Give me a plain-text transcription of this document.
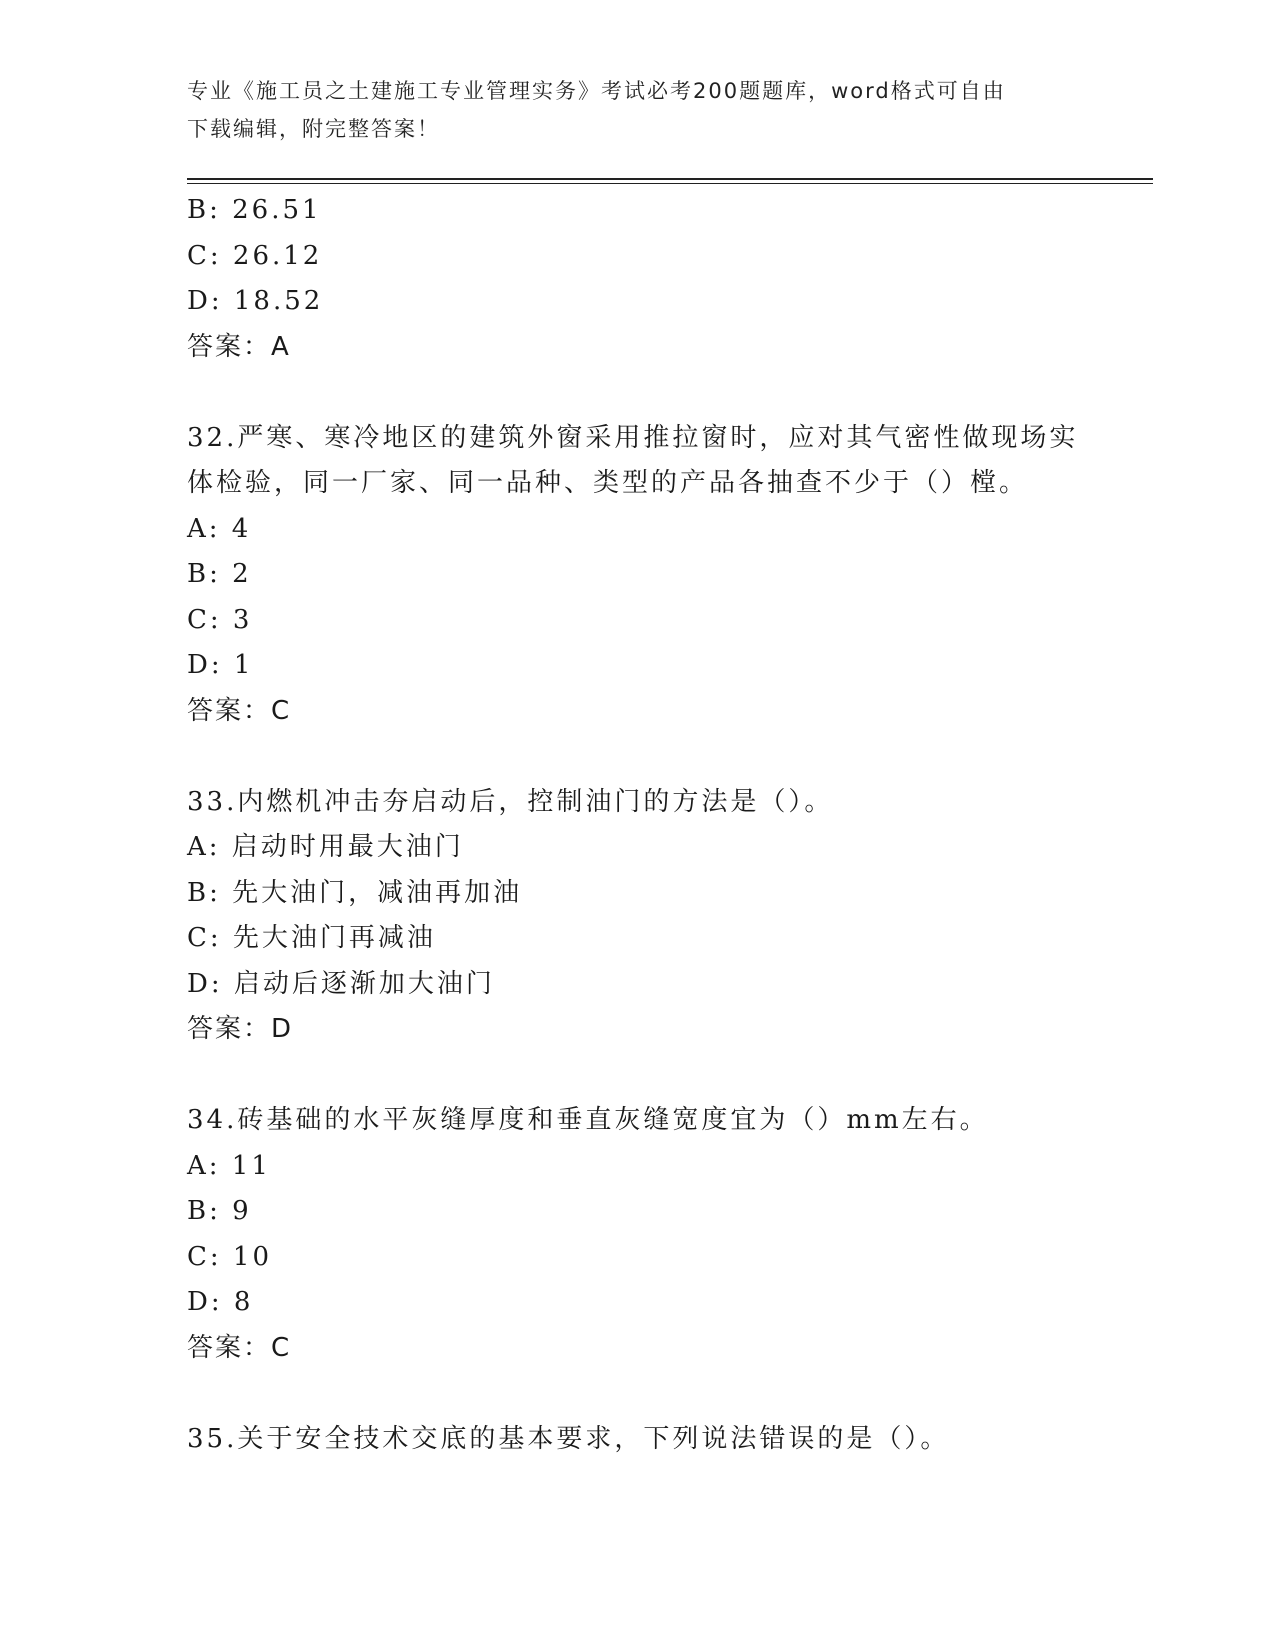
专业《施工员之土建施工专业管理实务》考试必考200题题库，word格式可自由
下载编辑，附完整答案！
B: 26.51
C: 26.12
D: 18.52
答案：A
32.严寒、寒冷地区的建筑外窗采用推拉窗时，应对其气密性做现场实
体检验，同一厂家、同一品种、类型的产品各抽查不少于（）樘。
A: 4
B: 2
C: 3
D: 1
答案：C
33.内燃机冲击夯启动后，控制油门的方法是（）。
A: 启动时用最大油门
B: 先大油门，减油再加油
C: 先大油门再减油
D: 启动后逐渐加大油门
答案：D
34.砖基础的水平灰缝厚度和垂直灰缝宽度宜为（）mm左右。
A: 11
B: 9
C: 10
D: 8
答案：C
35.关于安全技术交底的基本要求，下列说法错误的是（）。
